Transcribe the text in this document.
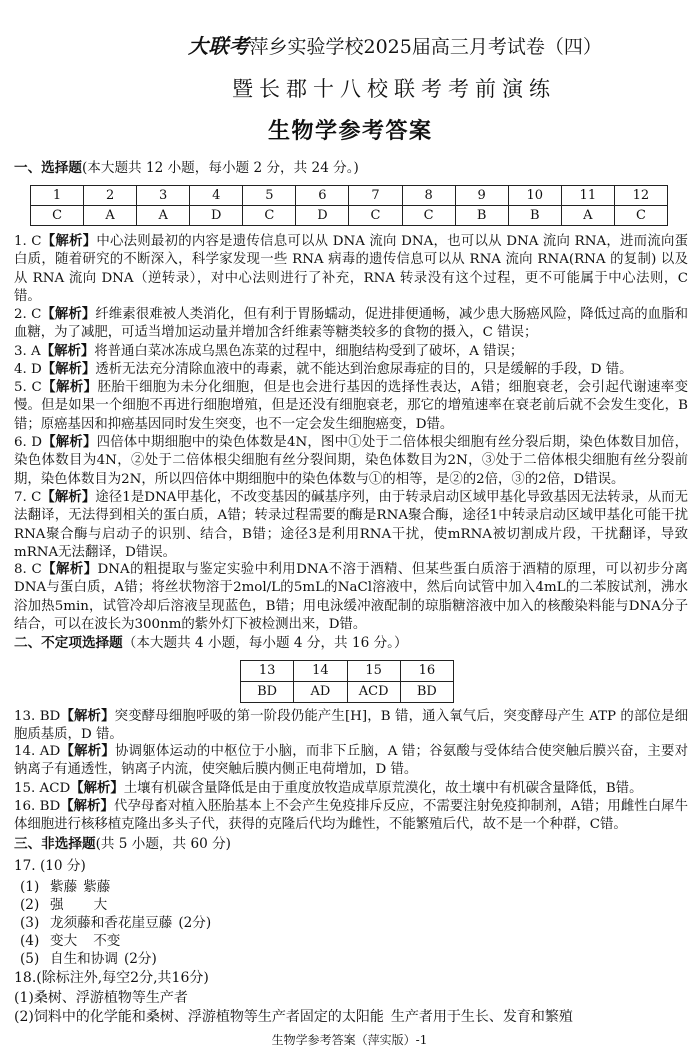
大联考萍乡实验学校2025届高三月考试卷（四）
暨长郡十八校联考考前演练
生物学参考答案
一、选择题(本大题共 12 小题，每小题 2 分，共 24 分。)
1	2	3	4	5	6	7	8	9	10	11	12
C	A	A	D	C	D	C	C	B	B	A	C
1. C【解析】中心法则最初的内容是遗传信息可以从 DNA 流向 DNA，也可以从 DNA 流向 RNA，进而流向蛋白质，随着研究的不断深入，科学家发现一些 RNA 病毒的遗传信息可以从 RNA 流向 RNA(RNA 的复制) 以及从 RNA 流向 DNA（逆转录），对中心法则进行了补充，RNA 转录没有这个过程，更不可能属于中心法则，C 错。
2. C【解析】纤维素很难被人类消化，但有利于胃肠蠕动，促进排便通畅，减少患大肠癌风险，降低过高的血脂和血糖，为了减肥，可适当增加运动量并增加含纤维素等糖类较多的食物的摄入，C 错误；
3. A【解析】将普通白菜冰冻成乌黑色冻菜的过程中，细胞结构受到了破坏，A 错误；
4. D【解析】透析无法充分清除血液中的毒素，就不能达到治愈尿毒症的目的，只是缓解的手段，D 错。
5. C【解析】胚胎干细胞为未分化细胞，但是也会进行基因的选择性表达，A错；细胞衰老，会引起代谢速率变慢。但是如果一个细胞不再进行细胞增殖，但是还没有细胞衰老，那它的增殖速率在衰老前后就不会发生变化，B错；原癌基因和抑癌基因同时发生突变，也不一定会发生细胞癌变，D错。
6. D【解析】四倍体中期细胞中的染色体数是4N，图中①处于二倍体根尖细胞有丝分裂后期，染色体数目加倍，染色体数目为4N，②处于二倍体根尖细胞有丝分裂间期，染色体数目为2N，③处于二倍体根尖细胞有丝分裂前期，染色体数目为2N，所以四倍体中期细胞中的染色体数与①的相等，是②的2倍，③的2倍，D错误。
7. C【解析】途径1是DNA甲基化，不改变基因的碱基序列，由于转录启动区域甲基化导致基因无法转录，从而无法翻译，无法得到相关的蛋白质，A错；转录过程需要的酶是RNA聚合酶，途径1中转录启动区域甲基化可能干扰RNA聚合酶与启动子的识别、结合，B错；途径3是利用RNA干扰，使mRNA被切割成片段，干扰翻译，导致mRNA无法翻译，D错误。
8. C【解析】DNA的粗提取与鉴定实验中利用DNA不溶于酒精、但某些蛋白质溶于酒精的原理，可以初步分离DNA与蛋白质，A错；将丝状物溶于2mol/L的5mL的NaCl溶液中，然后向试管中加入4mL的二苯胺试剂，沸水浴加热5min，试管冷却后溶液呈现蓝色，B错；用电泳缓冲液配制的琼脂糖溶液中加入的核酸染料能与DNA分子结合，可以在波长为300nm的紫外灯下被检测出来，D错。
二、不定项选择题（本大题共 4 小题，每小题 4 分，共 16 分。）
13	14	15	16
BD	AD	ACD	BD
13. BD【解析】突变酵母细胞呼吸的第一阶段仍能产生[H]，B 错，通入氧气后，突变酵母产生 ATP 的部位是细胞质基质，D 错。
14. AD【解析】协调躯体运动的中枢位于小脑，而非下丘脑，A 错；谷氨酸与受体结合使突触后膜兴奋，主要对钠离子有通透性，钠离子内流，使突触后膜内侧正电荷增加，D 错。
15. ACD【解析】土壤有机碳含量降低是由于重度放牧造成草原荒漠化，故土壤中有机碳含量降低，B错。
16. BD【解析】代孕母畜对植入胚胎基本上不会产生免疫排斥反应，不需要注射免疫抑制剂，A错；用雌性白犀牛体细胞进行核移植克隆出多头子代，获得的克隆后代均为雌性，不能繁殖后代，故不是一个种群，C错。
三、非选择题(共 5 小题，共 60 分)
17. (10 分)
(1) 紫藤 紫藤
(2) 强 大
(3) 龙须藤和香花崖豆藤 (2分)
(4) 变大 不变
(5) 自生和协调 (2分)
18.(除标注外,每空2分,共16分)
(1)桑树、浮游植物等生产者
(2)饲料中的化学能和桑树、浮游植物等生产者固定的太阳能 生产者用于生长、发育和繁殖
生物学参考答案（萍实版）-1
